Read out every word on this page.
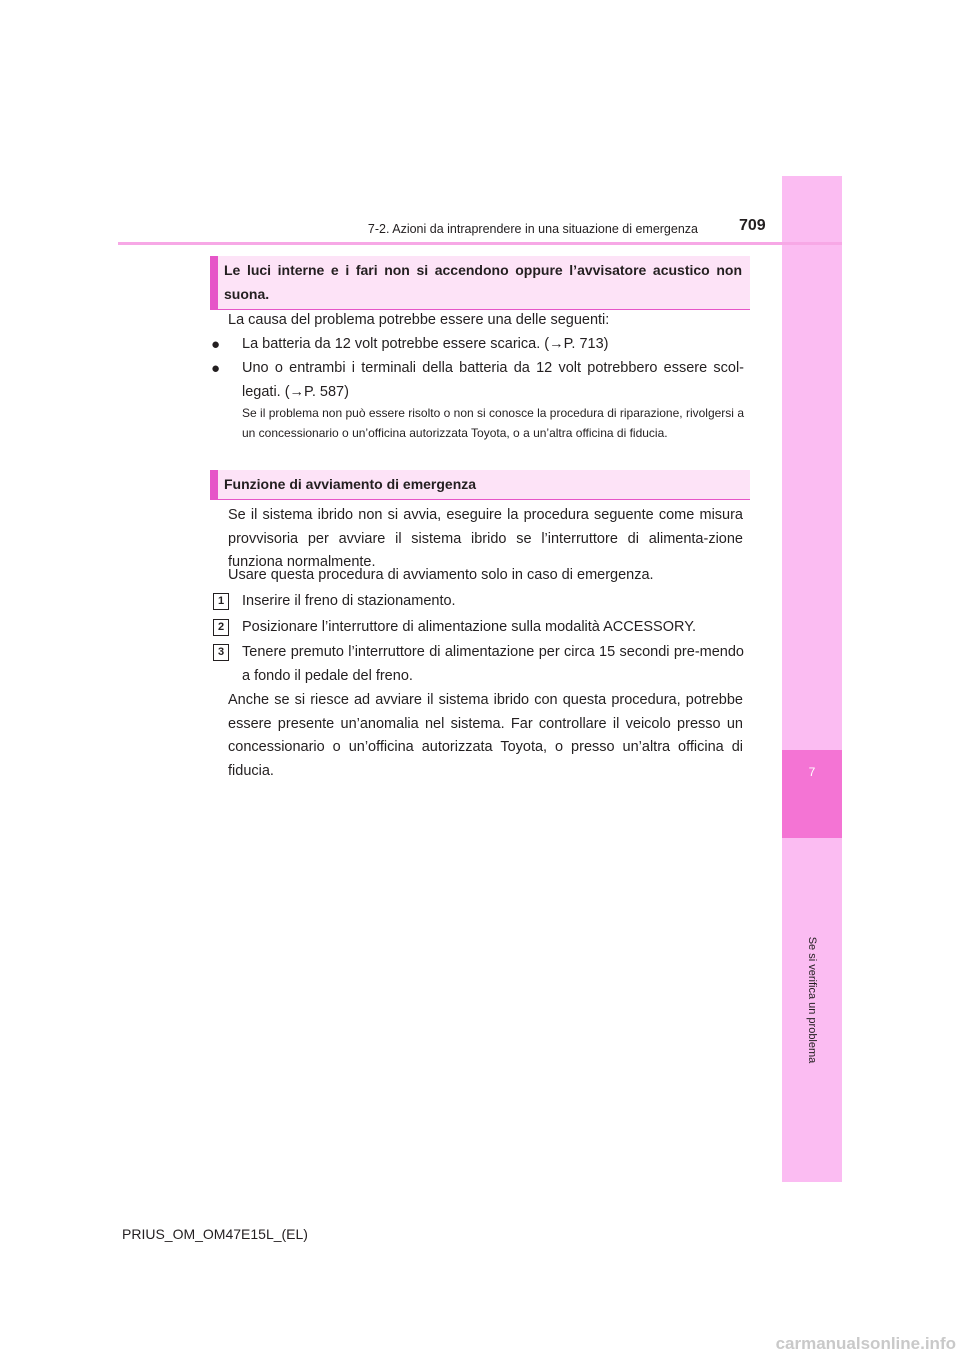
7
Se si verifica un problema
7-2. Azioni da intraprendere in una situazione di emergenza	709
Le luci interne e i fari non si accendono oppure l’avvisatore acustico non suona.
La causa del problema potrebbe essere una delle seguenti:
● La batteria da 12 volt potrebbe essere scarica. (→P. 713)
● Uno o entrambi i terminali della batteria da 12 volt potrebbero essere scol-legati. (→P. 587)
Se il problema non può essere risolto o non si conosce la procedura di riparazione, rivolgersi a un concessionario o un’officina autorizzata Toyota, o a un’altra officina di fiducia.
Funzione di avviamento di emergenza
Se il sistema ibrido non si avvia, eseguire la procedura seguente come misura provvisoria per avviare il sistema ibrido se l’interruttore di alimenta-zione funziona normalmente.
Usare questa procedura di avviamento solo in caso di emergenza.
1	Inserire il freno di stazionamento.
2	Posizionare l’interruttore di alimentazione sulla modalità ACCESSORY.
3	Tenere premuto l’interruttore di alimentazione per circa 15 secondi pre-mendo a fondo il pedale del freno.
Anche se si riesce ad avviare il sistema ibrido con questa procedura, potrebbe essere presente un’anomalia nel sistema. Far controllare il veicolo presso un concessionario o un’officina autorizzata Toyota, o presso un’altra officina di fiducia.
PRIUS_OM_OM47E15L_(EL)
carmanualsonline.info
